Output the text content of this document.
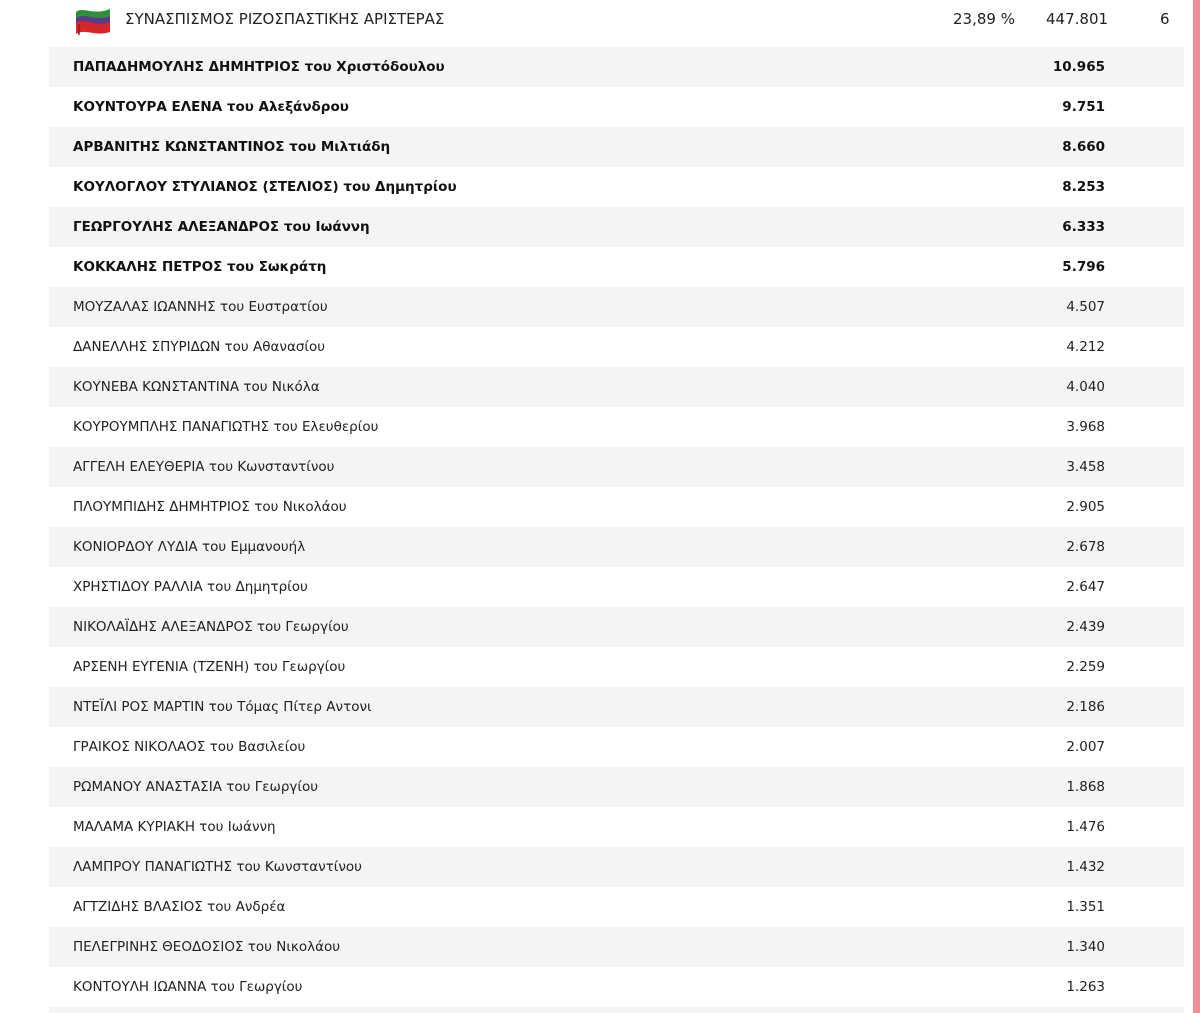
ΣΥΝΑΣΠΙΣΜΟΣ ΡΙΖΟΣΠΑΣΤΙΚΗΣ ΑΡΙΣΤΕΡΑΣ	23,89 % 447.801	6
ΠΑΠΑΔΗΜΟΥΛΗΣ ΔΗΜΗΤΡΙΟΣ του Χριστόδουλου	10.965
ΚΟΥΝΤΟΥΡΑ ΕΛΕΝΑ του Αλεξάνδρου	9.751
ΑΡΒΑΝΙΤΗΣ ΚΩΝΣΤΑΝΤΙΝΟΣ του Μιλτιάδη	8.660
ΚΟΥΛΟΓΛΟΥ ΣΤΥΛΙΑΝΟΣ (ΣΤΕΛΙΟΣ) του Δημητρίου	8.253
ΓΕΩΡΓΟΥΛΗΣ ΑΛΕΞΑΝΔΡΟΣ του Ιωάννη	6.333
ΚΟΚΚΑΛΗΣ ΠΕΤΡΟΣ του Σωκράτη	5.796
ΜΟΥΖΑΛΑΣ ΙΩΑΝΝΗΣ του Ευστρατίου	4.507
ΔΑΝΕΛΛΗΣ ΣΠΥΡΙΔΩΝ του Αθανασίου	4.212
ΚΟΥΝΕΒΑ ΚΩΝΣΤΑΝΤΙΝΑ του Νικόλα	4.040
ΚΟΥΡΟΥΜΠΛΗΣ ΠΑΝΑΓΙΩΤΗΣ του Ελευθερίου	3.968
ΑΓΓΕΛΗ ΕΛΕΥΘΕΡΙΑ του Κωνσταντίνου	3.458
ΠΛΟΥΜΠΙΔΗΣ ΔΗΜΗΤΡΙΟΣ του Νικολάου	2.905
ΚΟΝΙΟΡΔΟΥ ΛΥΔΙΑ του Εμμανουήλ	2.678
ΧΡΗΣΤΙΔΟΥ ΡΑΛΛΙΑ του Δημητρίου	2.647
ΝΙΚΟΛΑΪΔΗΣ ΑΛΕΞΑΝΔΡΟΣ του Γεωργίου	2.439
ΑΡΣΕΝΗ ΕΥΓΕΝΙΑ (ΤΖΕΝΗ) του Γεωργίου	2.259
ΝΤΕΪΛΙ ΡΟΣ ΜΑΡΤΙΝ του Τόμας Πίτερ Αντονι	2.186
ΓΡΑΙΚΟΣ ΝΙΚΟΛΑΟΣ του Βασιλείου	2.007
ΡΩΜΑΝΟΥ ΑΝΑΣΤΑΣΙΑ του Γεωργίου	1.868
ΜΑΛΑΜΑ ΚΥΡΙΑΚΗ του Ιωάννη	1.476
ΛΑΜΠΡΟΥ ΠΑΝΑΓΙΩΤΗΣ του Κωνσταντίνου	1.432
ΑΓΤΖΙΔΗΣ ΒΛΑΣΙΟΣ του Ανδρέα	1.351
ΠΕΛΕΓΡΙΝΗΣ ΘΕΟΔΟΣΙΟΣ του Νικολάου	1.340
ΚΟΝΤΟΥΛΗ ΙΩΑΝΝΑ του Γεωργίου	1.263
